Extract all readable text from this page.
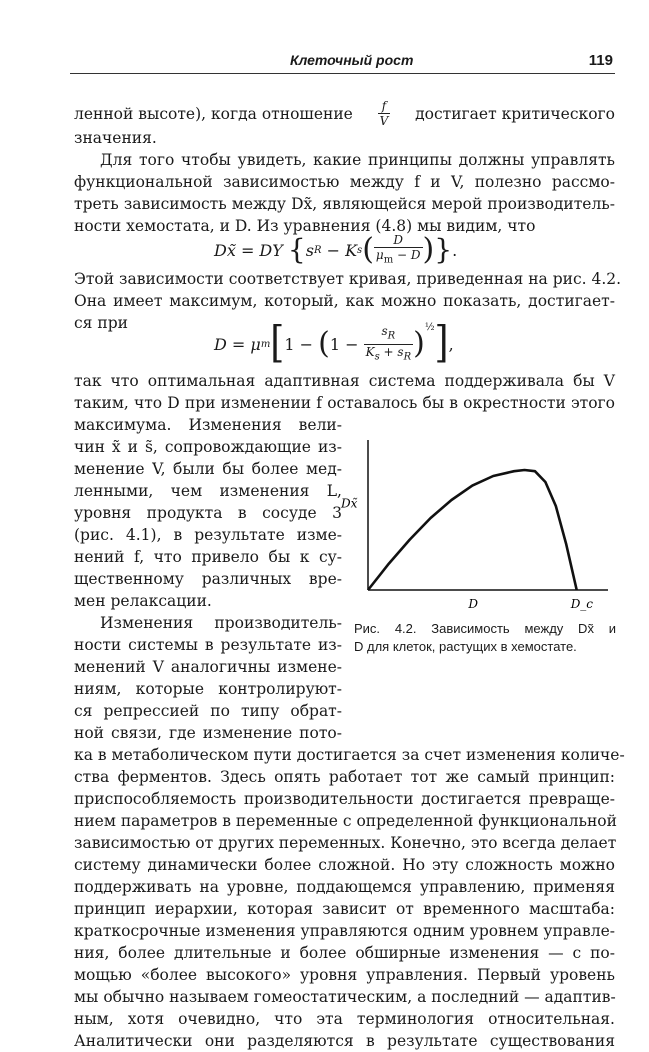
Клеточный рост	119
ленной высоте), когда отношение $\frac{f}{V}$ достигает критического
значения.
Для того чтобы увидеть, какие принципы должны управлять
функциональной зависимостью между f и V, полезно рассмо-
треть зависимость между Dx̃, являющейся мерой производитель-
ности хемостата, и D. Из уравнения (4.8) мы видим, что
Dx̃ = DY
{ s R
−
K s ( $\frac{D}{\mu_m - D}$ ) } .
Этой зависимости соответствует кривая, приведенная на рис. 4.2.
Она имеет максимум, который, как можно показать, достигает-
ся при
D = μ m [ 1 −
( 1 −
$\frac{s_R}{K_s + s_R} )^{\frac{1}{2}}$ ] ,
так что оптимальная адаптивная система поддерживала бы V
таким, что D при изменении f оставалось бы в окрестности этого
максимума. Изменения вели-
чин x̃ и s̃, сопровождающие из-
менение V, были бы более мед-
ленными, чем изменения L,
уровня продукта в сосуде 3
(рис. 4.1), в результате изме-
нений f, что привело бы к су-
щественному различных вре-
мен релаксации.
Изменения производитель-
ности системы в результате из-
менений V аналогичны измене-
ниям, которые контролируют-
ся репрессией по типу обрат-
ной связи, где изменение пото-
Dx̃
D	D_c
Рис. 4.2. Зависимость между Dx̃ и
D для клеток, растущих в хемостате.
ка в метаболическом пути достигается за счет изменения количе-
ства ферментов. Здесь опять работает тот же самый принцип:
приспособляемость производительности достигается превраще-
нием параметров в переменные с определенной функциональной
зависимостью от других переменных. Конечно, это всегда делает
систему динамически более сложной. Но эту сложность можно
поддерживать на уровне, поддающемся управлению, применяя
принцип иерархии, которая зависит от временного масштаба:
краткосрочные изменения управляются одним уровнем управле-
ния, более длительные и более обширные изменения — с по-
мощью «более высокого» уровня управления. Первый уровень
мы обычно называем гомеостатическим, а последний — адаптив-
ным, хотя очевидно, что эта терминология относительная.
Аналитически они разделяются в результате существования
